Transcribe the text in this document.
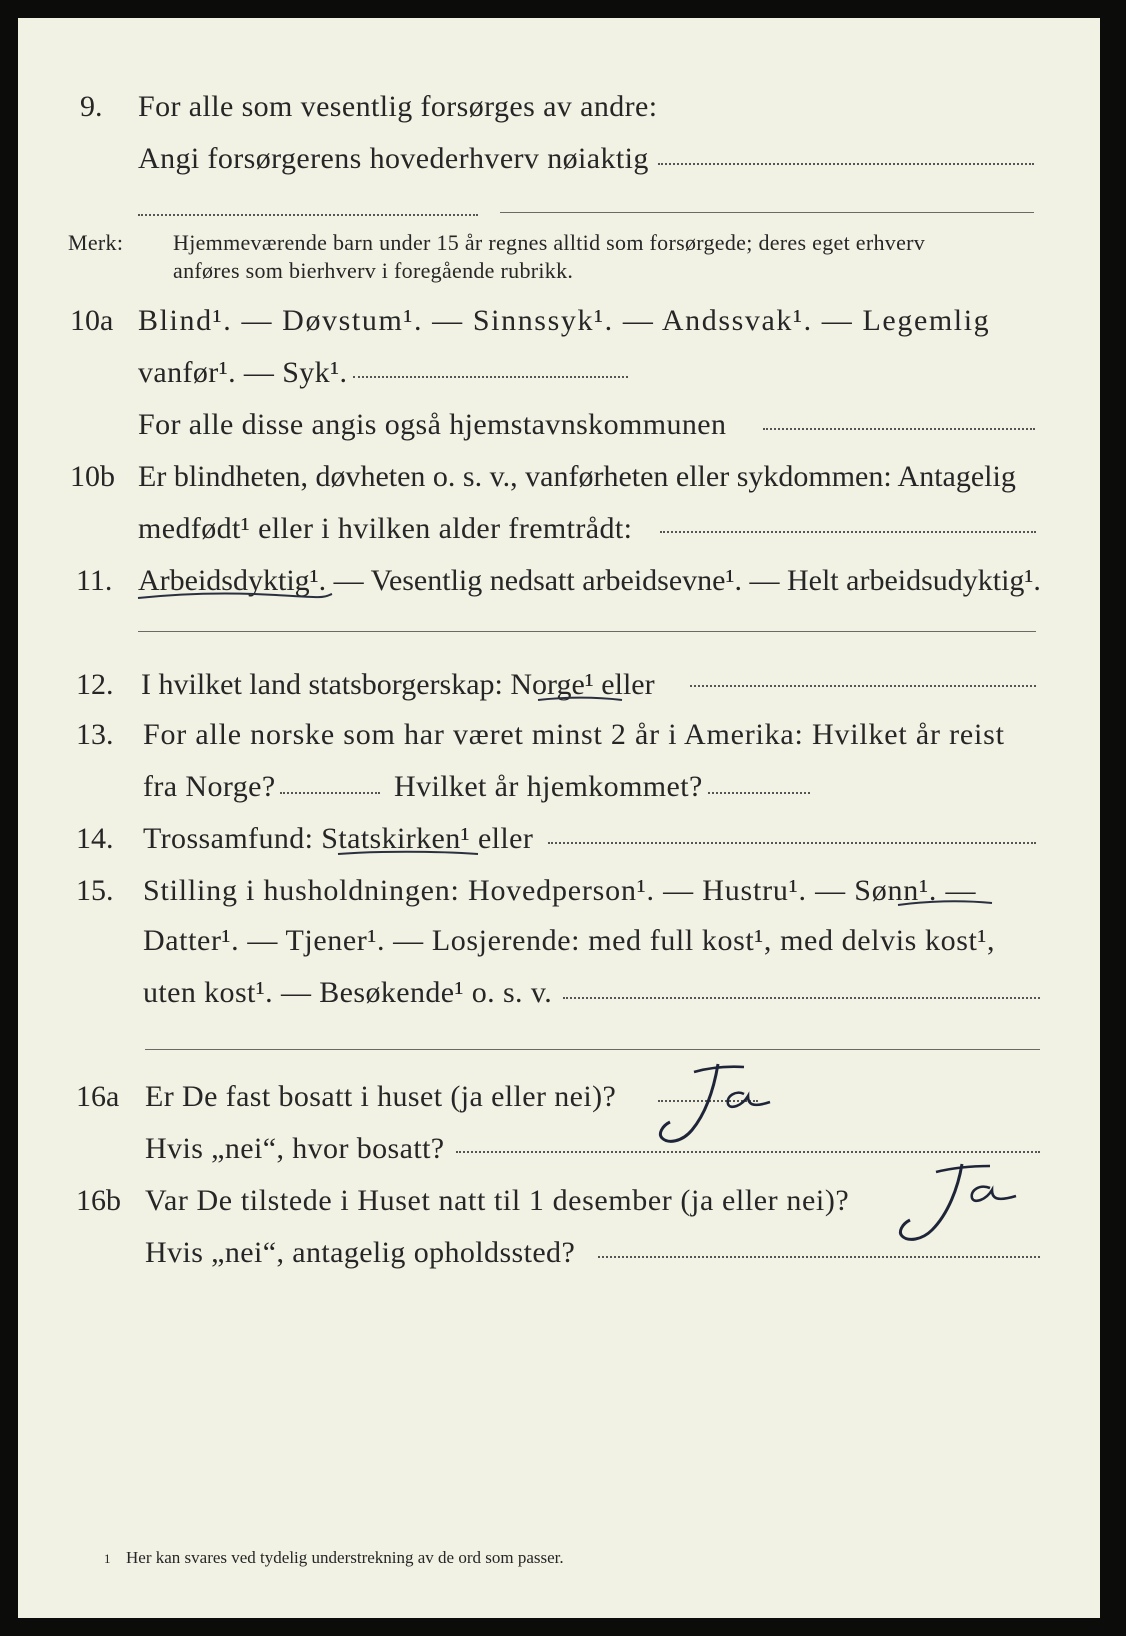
9. For alle som vesentlig forsørges av andre:
Angi forsørgerens hovederhverv nøiaktig
Merk: Hjemmeværende barn under 15 år regnes alltid som forsørgede; deres eget erhverv
anføres som bierhverv i foregående rubrikk.
10a Blind¹. — Døvstum¹. — Sinnssyk¹. — Andssvak¹. — Legemlig
vanfør¹. — Syk¹.
For alle disse angis også hjemstavnskommunen
10b Er blindheten, døvheten o. s. v., vanførheten eller sykdommen: Antagelig
medfødt¹ eller i hvilken alder fremtrådt:
11. Arbeidsdyktig¹. — Vesentlig nedsatt arbeidsevne¹. — Helt arbeidsudyktig¹.
12. I hvilket land statsborgerskap: Norge¹ eller
13. For alle norske som har været minst 2 år i Amerika: Hvilket år reist
fra Norge?	Hvilket år hjemkommet?
14. Trossamfund: Statskirken¹ eller
15. Stilling i husholdningen: Hovedperson¹. — Hustru¹. — Sønn¹. —
Datter¹. — Tjener¹. — Losjerende: med full kost¹, med delvis kost¹,
uten kost¹. — Besøkende¹ o. s. v.
16a Er De fast bosatt i huset (ja eller nei)?
Hvis „nei“, hvor bosatt?
16b Var De tilstede i Huset natt til 1 desember (ja eller nei)?
Hvis „nei“, antagelig opholdssted?
1 Her kan svares ved tydelig understrekning av de ord som passer.
